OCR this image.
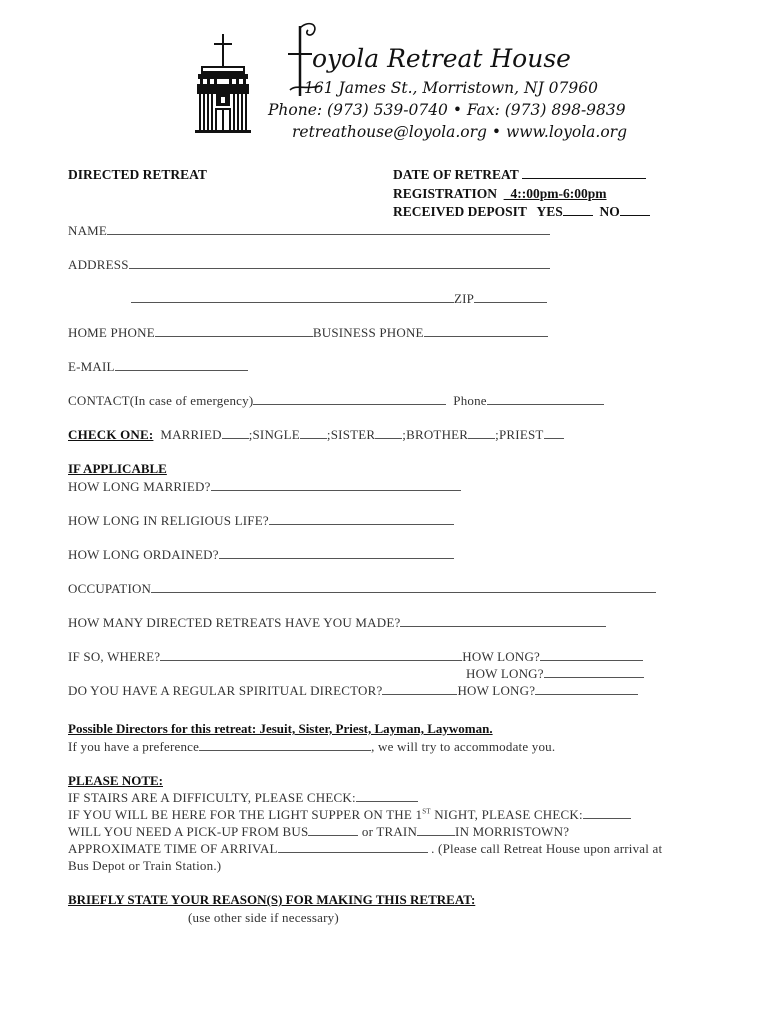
oyola Retreat House
161 James St., Morristown, NJ 07960
Phone: (973) 539-0740 • Fax: (973) 898-9839
retreathouse@loyola.org • www.loyola.org
DIRECTED RETREAT	DATE OF RETREAT
REGISTRATION _4::00pm-6:00pm
RECEIVED DEPOSIT YES	NO
NAME
ADDRESS
ZIP
HOME PHONE	BUSINESS PHONE
E-MAIL
CONTACT(In case of emergency)	Phone
CHECK ONE: MARRIED ;SINGLE ;SISTER ;BROTHER ;PRIEST
IF APPLICABLE
HOW LONG MARRIED?
HOW LONG IN RELIGIOUS LIFE?
HOW LONG ORDAINED?
OCCUPATION
HOW MANY DIRECTED RETREATS HAVE YOU MADE?
IF SO, WHERE?	HOW LONG?
HOW LONG?
DO YOU HAVE A REGULAR SPIRITUAL DIRECTOR?	HOW LONG?
Possible Directors for this retreat: Jesuit, Sister, Priest, Layman, Laywoman.
If you have a preference	, we will try to accommodate you.
PLEASE NOTE:
IF STAIRS ARE A DIFFICULTY, PLEASE CHECK:
IF YOU WILL BE HERE FOR THE LIGHT SUPPER ON THE 1ST NIGHT, PLEASE CHECK:
WILL YOU NEED A PICK-UP FROM BUS	or TRAIN	IN MORRISTOWN?
APPROXIMATE TIME OF ARRIVAL	. (Please call Retreat House upon arrival at
Bus Depot or Train Station.)
BRIEFLY STATE YOUR REASON(S) FOR MAKING THIS RETREAT:
(use other side if necessary)
